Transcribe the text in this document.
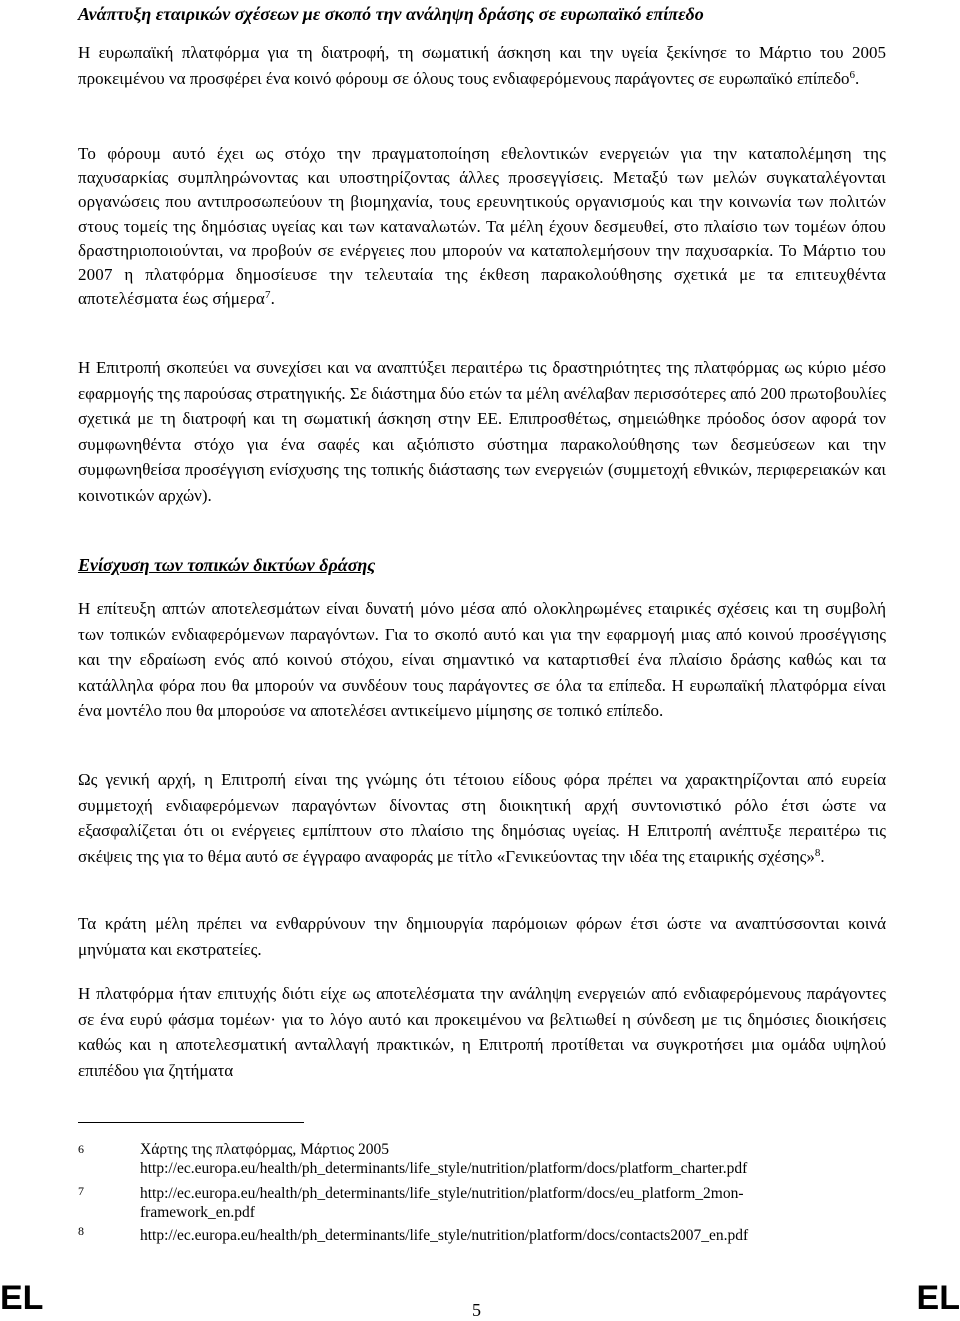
Ανάπτυξη εταιρικών σχέσεων με σκοπό την ανάληψη δράσης σε ευρωπαϊκό επίπεδο

Η ευρωπαϊκή πλατφόρμα για τη διατροφή, τη σωματική άσκηση και την υγεία ξεκίνησε το Μάρτιο του 2005 προκειμένου να προσφέρει ένα κοινό φόρουμ σε όλους τους ενδιαφερόμενους παράγοντες σε ευρωπαϊκό επίπεδο$^6$.

Το φόρουμ αυτό έχει ως στόχο την πραγματοποίηση εθελοντικών ενεργειών για την καταπολέμηση της παχυσαρκίας συμπληρώνοντας και υποστηρίζοντας άλλες προσεγγίσεις. Μεταξύ των μελών συγκαταλέγονται οργανώσεις που αντιπροσωπεύουν τη βιομηχανία, τους ερευνητικούς οργανισμούς και την κοινωνία των πολιτών στους τομείς της δημόσιας υγείας και των καταναλωτών. Τα μέλη έχουν δεσμευθεί, στο πλαίσιο των τομέων όπου δραστηριοποιούνται, να προβούν σε ενέργειες που μπορούν να καταπολεμήσουν την παχυσαρκία. Το Μάρτιο του 2007 η πλατφόρμα δημοσίευσε την τελευταία της έκθεση παρακολούθησης σχετικά με τα επιτευχθέντα αποτελέσματα έως σήμερα$^7$.

Η Επιτροπή σκοπεύει να συνεχίσει και να αναπτύξει περαιτέρω τις δραστηριότητες της πλατφόρμας ως κύριο μέσο εφαρμογής της παρούσας στρατηγικής. Σε διάστημα δύο ετών τα μέλη ανέλαβαν περισσότερες από 200 πρωτοβουλίες σχετικά με τη διατροφή και τη σωματική άσκηση στην ΕΕ. Επιπροσθέτως, σημειώθηκε πρόοδος όσον αφορά τον συμφωνηθέντα στόχο για ένα σαφές και αξιόπιστο σύστημα παρακολούθησης των δεσμεύσεων και την συμφωνηθείσα προσέγγιση ενίσχυσης της τοπικής διάστασης των ενεργειών (συμμετοχή εθνικών, περιφερειακών και κοινοτικών αρχών).

Ενίσχυση των τοπικών δικτύων δράσης

Η επίτευξη απτών αποτελεσμάτων είναι δυνατή μόνο μέσα από ολοκληρωμένες εταιρικές σχέσεις και τη συμβολή των τοπικών ενδιαφερόμενων παραγόντων. Για το σκοπό αυτό και για την εφαρμογή μιας από κοινού προσέγγισης και την εδραίωση ενός από κοινού στόχου, είναι σημαντικό να καταρτισθεί ένα πλαίσιο δράσης καθώς και τα κατάλληλα φόρα που θα μπορούν να συνδέουν τους παράγοντες σε όλα τα επίπεδα. Η ευρωπαϊκή πλατφόρμα είναι ένα μοντέλο που θα μπορούσε να αποτελέσει αντικείμενο μίμησης σε τοπικό επίπεδο.

Ως γενική αρχή, η Επιτροπή είναι της γνώμης ότι τέτοιου είδους φόρα πρέπει να χαρακτηρίζονται από ευρεία συμμετοχή ενδιαφερόμενων παραγόντων δίνοντας στη διοικητική αρχή συντονιστικό ρόλο έτσι ώστε να εξασφαλίζεται ότι οι ενέργειες εμπίπτουν στο πλαίσιο της δημόσιας υγείας. Η Επιτροπή ανέπτυξε περαιτέρω τις σκέψεις της για το θέμα αυτό σε έγγραφο αναφοράς με τίτλο «Γενικεύοντας την ιδέα της εταιρικής σχέσης»$^8$.

Τα κράτη μέλη πρέπει να ενθαρρύνουν την δημιουργία παρόμοιων φόρων έτσι ώστε να αναπτύσσονται κοινά μηνύματα και εκστρατείες.

Η πλατφόρμα ήταν επιτυχής διότι είχε ως αποτελέσματα την ανάληψη ενεργειών από ενδιαφερόμενους παράγοντες σε ένα ευρύ φάσμα τομέων· για το λόγο αυτό και προκειμένου να βελτιωθεί η σύνδεση με τις δημόσιες διοικήσεις καθώς και η αποτελεσματική ανταλλαγή πρακτικών, η Επιτροπή προτίθεται να συγκροτήσει μια ομάδα υψηλού επιπέδου για ζητήματα

6	Χάρτης της πλατφόρμας, Μάρτιος 2005
http://ec.europa.eu/health/ph_determinants/life_style/nutrition/platform/docs/platform_charter.pdf
7	http://ec.europa.eu/health/ph_determinants/life_style/nutrition/platform/docs/eu_platform_2mon-
framework_en.pdf
8	http://ec.europa.eu/health/ph_determinants/life_style/nutrition/platform/docs/contacts2007_en.pdf
EL	5	EL
